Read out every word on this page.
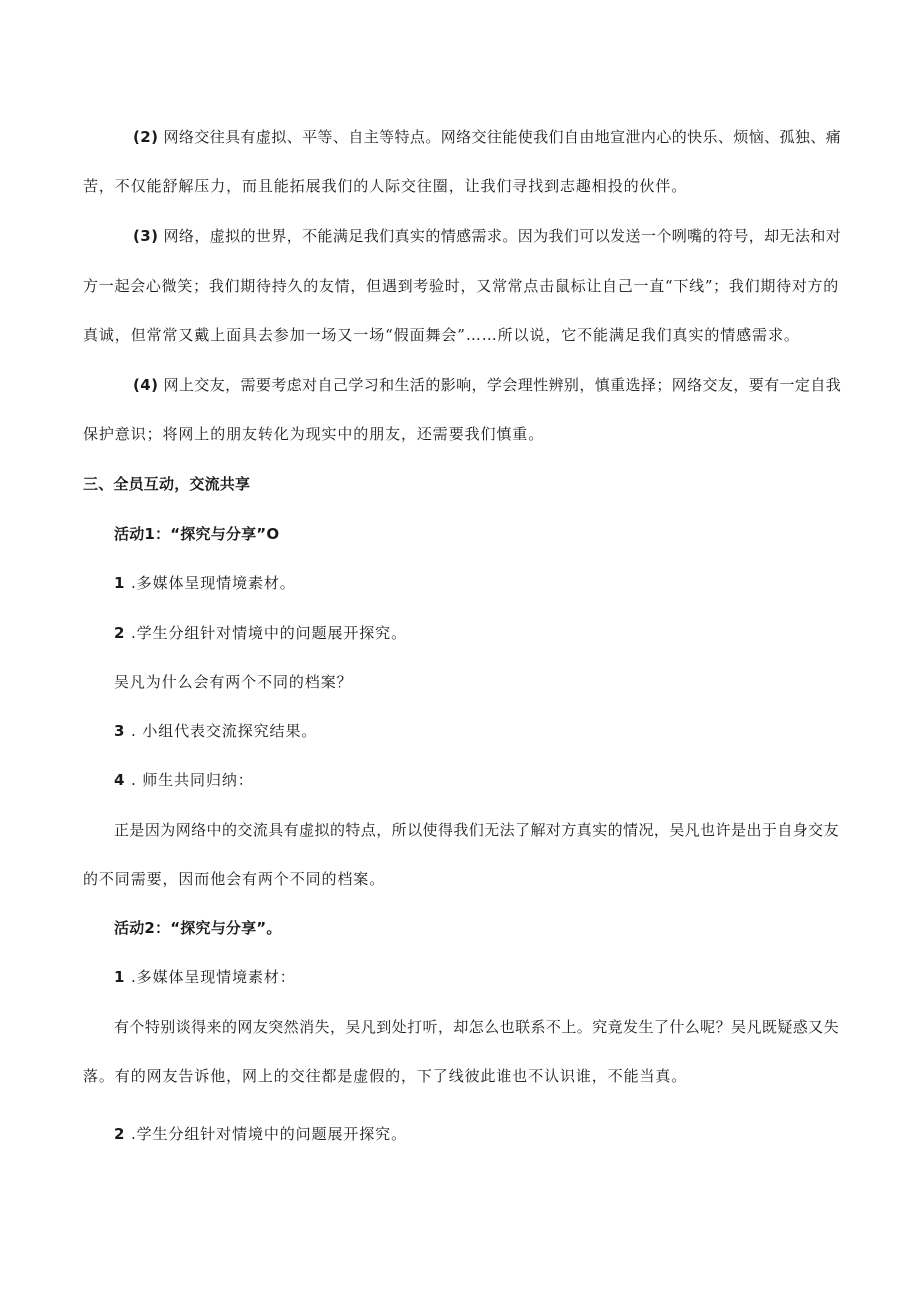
(2) 网络交往具有虚拟、平等、自主等特点。网络交往能使我们自由地宣泄内心的快乐、烦恼、孤独、痛
苦，不仅能舒解压力，而且能拓展我们的人际交往圈，让我们寻找到志趣相投的伙伴。
(3) 网络，虚拟的世界，不能满足我们真实的情感需求。因为我们可以发送一个咧嘴的符号，却无法和对
方一起会心微笑；我们期待持久的友情，但遇到考验时，又常常点击鼠标让自己一直“下线”；我们期待对方的
真诚，但常常又戴上面具去参加一场又一场“假面舞会”……所以说，它不能满足我们真实的情感需求。
(4) 网上交友，需要考虑对自己学习和生活的影响，学会理性辨别，慎重选择；网络交友，要有一定自我
保护意识；将网上的朋友转化为现实中的朋友，还需要我们慎重。
三、全员互动，交流共享
活动1：“探究与分享”O
1 .多媒体呈现情境素材。
2 .学生分组针对情境中的问题展开探究。
吴凡为什么会有两个不同的档案？
3 . 小组代表交流探究结果。
4 . 师生共同归纳：
正是因为网络中的交流具有虚拟的特点，所以使得我们无法了解对方真实的情况，吴凡也许是出于自身交友
的不同需要，因而他会有两个不同的档案。
活动2：“探究与分享”。
1 .多媒体呈现情境素材：
有个特别谈得来的网友突然消失，吴凡到处打听，却怎么也联系不上。究竟发生了什么呢？吴凡既疑惑又失
落。有的网友告诉他，网上的交往都是虚假的，下了线彼此谁也不认识谁，不能当真。
2 .学生分组针对情境中的问题展开探究。
